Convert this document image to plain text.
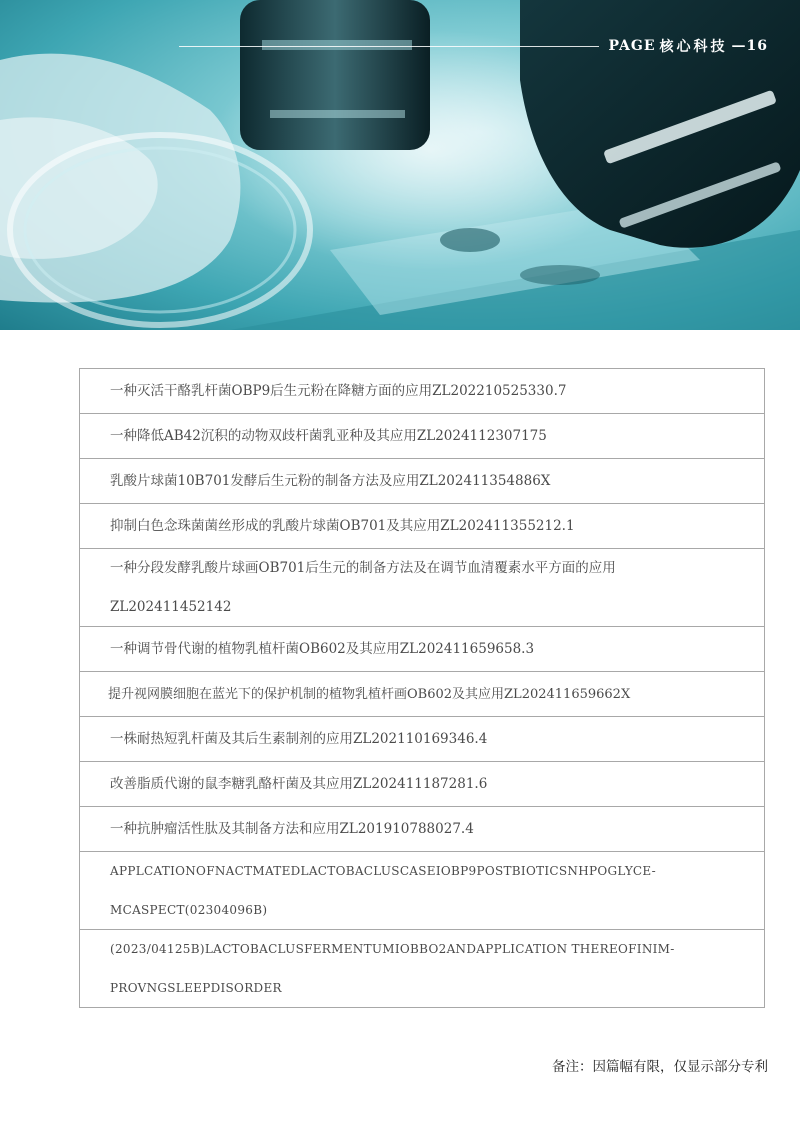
PAGE 核心科技 —16
一种灭活干酪乳杆菌OBP9后生元粉在降糖方面的应用ZL202210525330.7
一种降低AB42沉积的动物双歧杆菌乳亚种及其应用ZL2024112307175
乳酸片球菌10B701发酵后生元粉的制备方法及应用ZL202411354886X
抑制白色念珠菌菌丝形成的乳酸片球菌OB701及其应用ZL202411355212.1
一种分段发酵乳酸片球画OB701后生元的制备方法及在调节血清覆素水平方面的应用
ZL202411452142
一种调节骨代谢的植物乳植杆菌OB602及其应用ZL202411659658.3
提升视网膜细胞在蓝光下的保护机制的植物乳植杆画OB602及其应用ZL202411659662X
一株耐热短乳杆菌及其后生素制剂的应用ZL202110169346.4
改善脂质代谢的鼠李糖乳酪杆菌及其应用ZL202411187281.6
一种抗肿瘤活性肽及其制备方法和应用ZL201910788027.4
APPLCATIONOFNACTMATEDLACTOBACLUSCASEIOBP9POSTBIOTICSNHPOGLYCE-
MCASPECT(02304096B)
(2023/04125B)LACTOBACLUSFERMENTUMIOBBO2ANDAPPLICATION THEREOFINIM-
PROVNGSLEEPDISORDER
备注：因篇幅有限，仅显示部分专利
